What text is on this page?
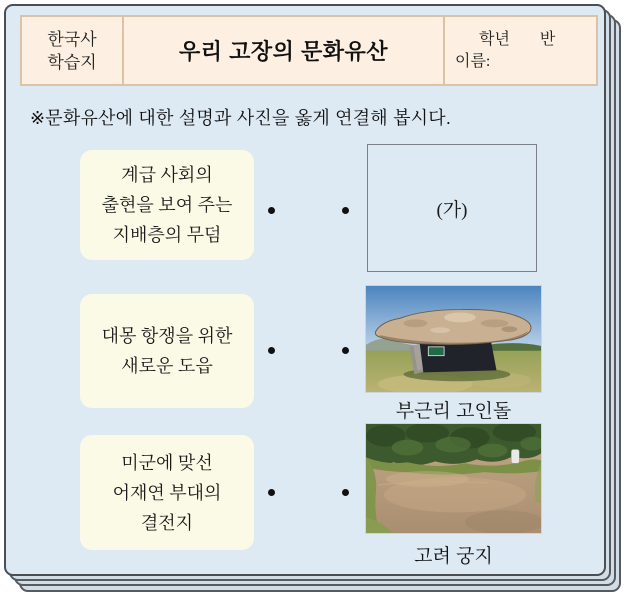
한국사
학습지	우리 고장의 문화유산	학년 반
이름:
※문화유산에 대한 설명과 사진을 옳게 연결해 봅시다.
계급 사회의
출현을 보여 주는
지배층의 무덤
(가)
대몽 항쟁을 위한
새로운 도읍
부근리 고인돌
미군에 맞선
어재연 부대의
결전지
고려 궁지
